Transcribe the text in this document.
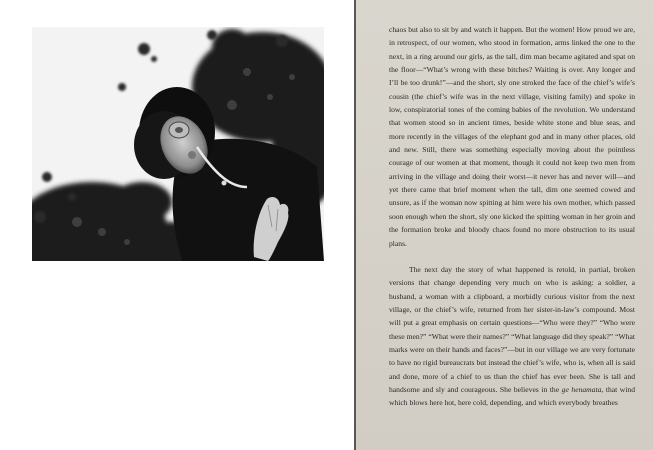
chaos but also to sit by and watch it happen. But the women! How proud we are, in retrospect, of our women, who stood in formation, arms linked the one to the next, in a ring around our girls, as the tall, dim man became agitated and spat on the floor—“What’s wrong with these bitches? Waiting is over. Any longer and I’ll be too drunk!”—and the short, sly one stroked the face of the chief’s wife’s cousin (the chief’s wife was in the next village, visiting family) and spoke in low, conspiratorial tones of the coming babies of the revolution. We understand that women stood so in ancient times, beside white stone and blue seas, and more recently in the villages of the elephant god and in many other places, old and new. Still, there was something especially moving about the pointless courage of our women at that moment, though it could not keep two men from arriving in the village and doing their worst—it never has and never will—and yet there came that brief moment when the tall, dim one seemed cowed and unsure, as if the woman now spitting at him were his own mother, which passed soon enough when the short, sly one kicked the spitting woman in her groin and the formation broke and bloody chaos found no more obstruction to its usual plans.

The next day the story of what happened is retold, in partial, broken versions that change depending very much on who is asking: a soldier, a husband, a woman with a clipboard, a morbidly curious visitor from the next village, or the chief’s wife, returned from her sister-in-law’s compound. Most will put a great emphasis on certain questions—“Who were they?” “Who were these men?” “What were their names?” “What language did they speak?” “What marks were on their hands and faces?”—but in our village we are very fortunate to have no rigid bureaucrats but instead the chief’s wife, who is, when all is said and done, more of a chief to us than the chief has ever been. She is tall and handsome and sly and courageous. She believes in the ge henamata, that wind which blows here hot, here cold, depending, and which everybody breathes
